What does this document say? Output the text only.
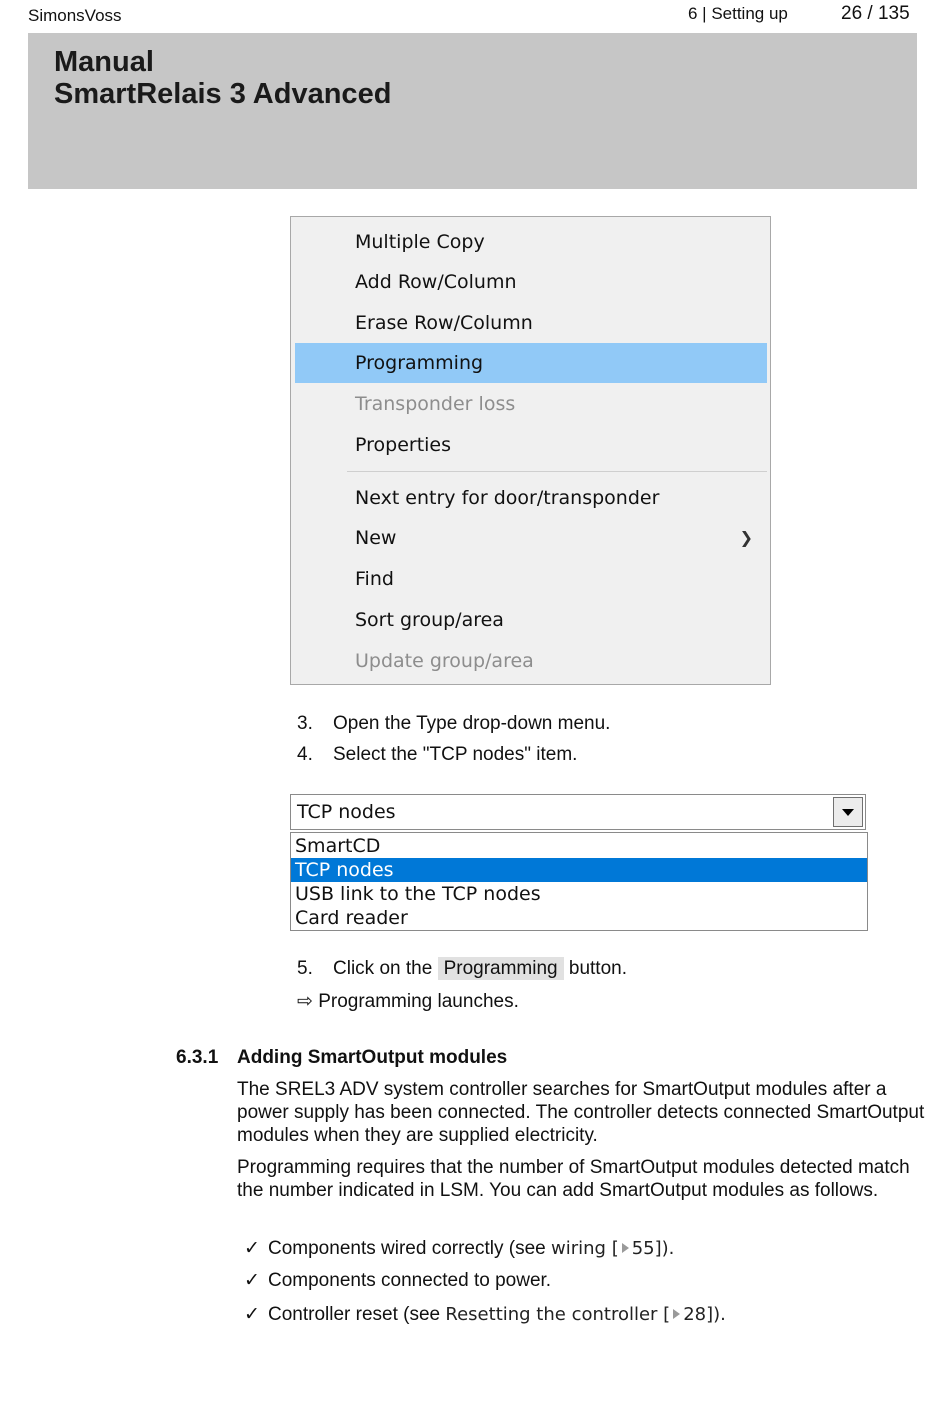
SimonsVoss	6 | Setting up	26 / 135
Manual
SmartRelais 3 Advanced
Multiple Copy
Add Row/Column
Erase Row/Column
Programming
Transponder loss
Properties
Next entry for door/transponder
New	❯
Find
Sort group/area
Update group/area
3. Open the Type drop-down menu.
4. Select the "TCP nodes" item.
TCP nodes
SmartCD
TCP nodes
USB link to the TCP nodes
Card reader
5. Click on the Programming button.
⇨ Programming launches.
6.3.1 Adding SmartOutput modules
The SREL3 ADV system controller searches for SmartOutput modules after a power supply has been connected. The controller detects connected SmartOutput modules when they are supplied electricity.
Programming requires that the number of SmartOutput modules detected match the number indicated in LSM. You can add SmartOutput modules as follows.
✓ Components wired correctly (see wiring [ 55]).
✓ Components connected to power.
✓ Controller reset (see Resetting the controller [ 28]).
